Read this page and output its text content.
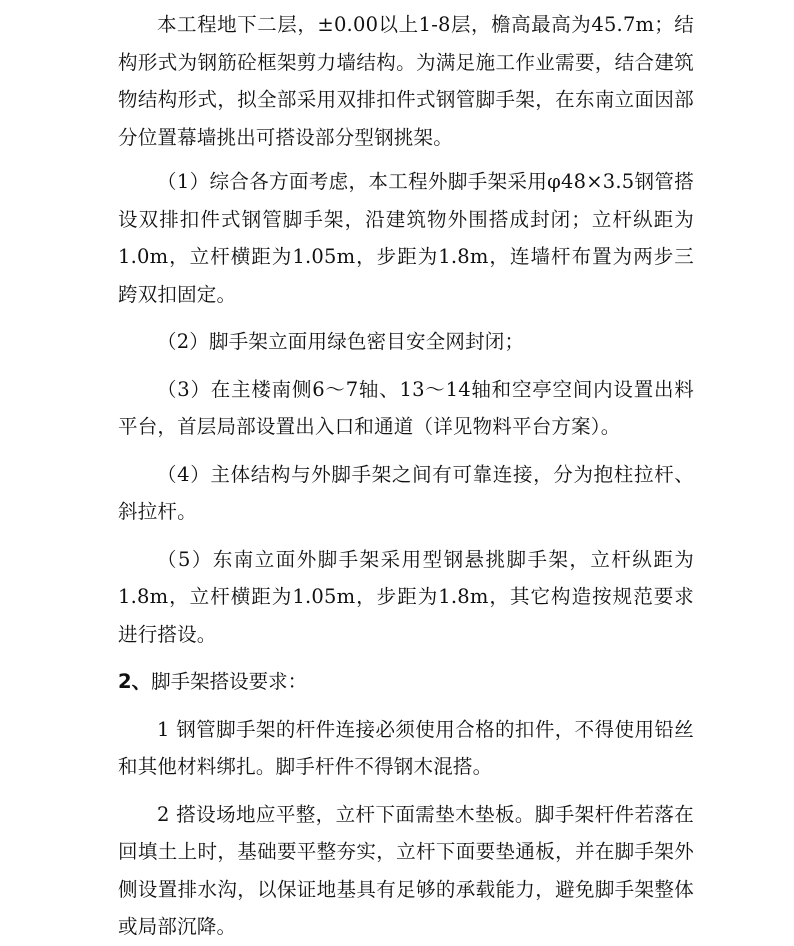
本工程地下二层，±0.00以上1-8层，檐高最高为45.7m；结构形式为钢筋砼框架剪力墙结构。为满足施工作业需要，结合建筑物结构形式，拟全部采用双排扣件式钢管脚手架，在东南立面因部分位置幕墙挑出可搭设部分型钢挑架。

（1）综合各方面考虑，本工程外脚手架采用φ48×3.5钢管搭设双排扣件式钢管脚手架，沿建筑物外围搭成封闭；立杆纵距为1.0m，立杆横距为1.05m，步距为1.8m，连墙杆布置为两步三跨双扣固定。

（2）脚手架立面用绿色密目安全网封闭；

（3）在主楼南侧6～7轴、13～14轴和空亭空间内设置出料平台，首层局部设置出入口和通道（详见物料平台方案）。

（4）主体结构与外脚手架之间有可靠连接，分为抱柱拉杆、斜拉杆。

（5）东南立面外脚手架采用型钢悬挑脚手架，立杆纵距为1.8m，立杆横距为1.05m，步距为1.8m，其它构造按规范要求进行搭设。

2、脚手架搭设要求：

1 钢管脚手架的杆件连接必须使用合格的扣件，不得使用铅丝和其他材料绑扎。脚手杆件不得钢木混搭。

2 搭设场地应平整，立杆下面需垫木垫板。脚手架杆件若落在回填土上时，基础要平整夯实，立杆下面要垫通板，并在脚手架外侧设置排水沟，以保证地基具有足够的承载能力，避免脚手架整体或局部沉降。
